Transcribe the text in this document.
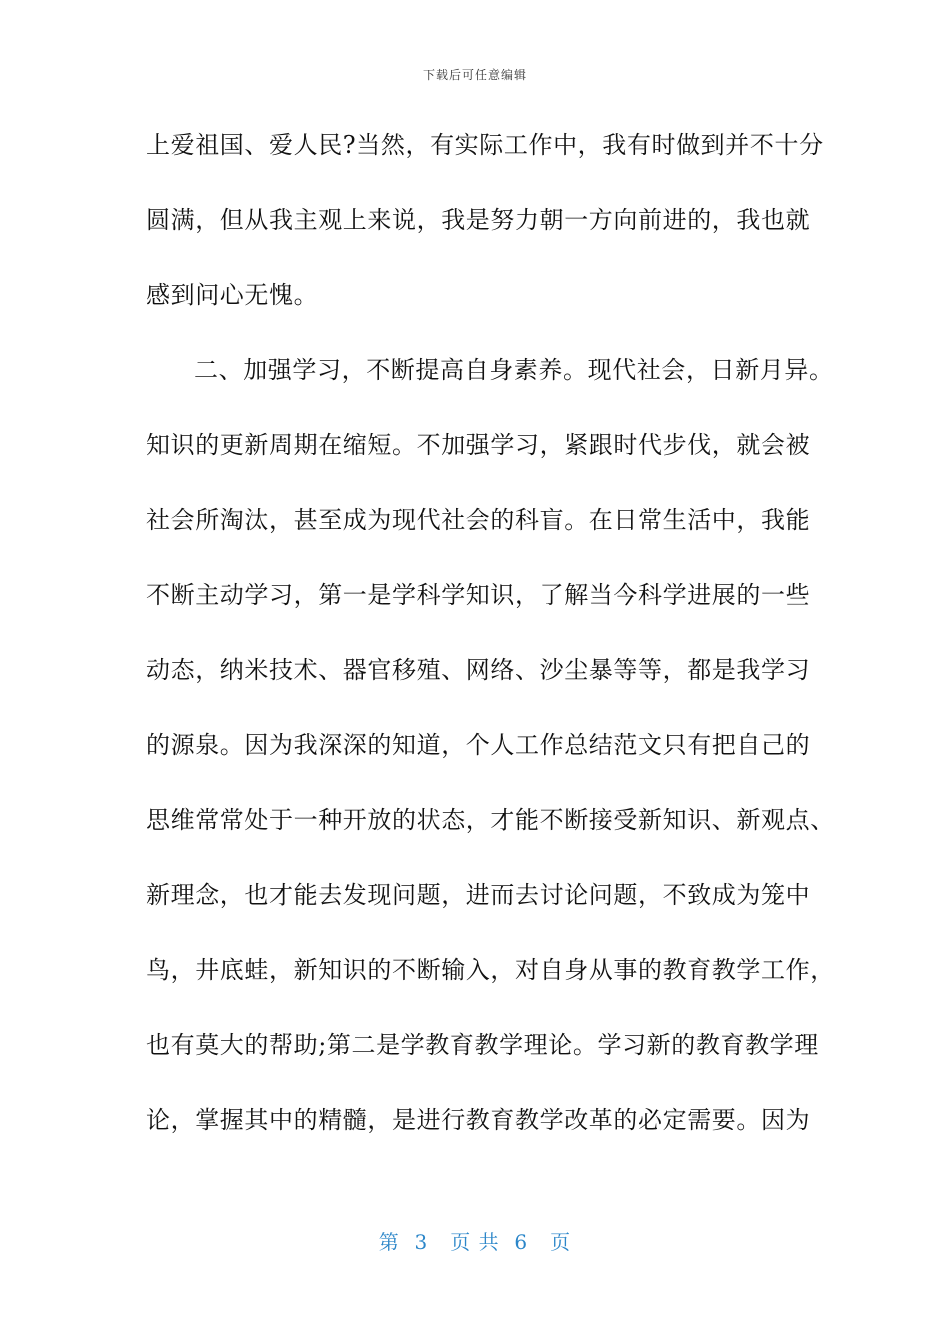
下载后可任意编辑
上爱祖国、爱人民?当然，有实际工作中，我有时做到并不十分
圆满，但从我主观上来说，我是努力朝一方向前进的，我也就
感到问心无愧。
二、加强学习，不断提高自身素养。现代社会，日新月异。
知识的更新周期在缩短。不加强学习，紧跟时代步伐，就会被
社会所淘汰，甚至成为现代社会的科盲。在日常生活中，我能
不断主动学习，第一是学科学知识，了解当今科学进展的一些
动态，纳米技术、器官移殖、网络、沙尘暴等等，都是我学习
的源泉。因为我深深的知道，个人工作总结范文只有把自己的
思维常常处于一种开放的状态，才能不断接受新知识、新观点、
新理念，也才能去发现问题，进而去讨论问题，不致成为笼中
鸟，井底蛙，新知识的不断输入，对自身从事的教育教学工作，
也有莫大的帮助;第二是学教育教学理论。学习新的教育教学理
论，掌握其中的精髓，是进行教育教学改革的必定需要。因为
第  3   页 共  6   页
